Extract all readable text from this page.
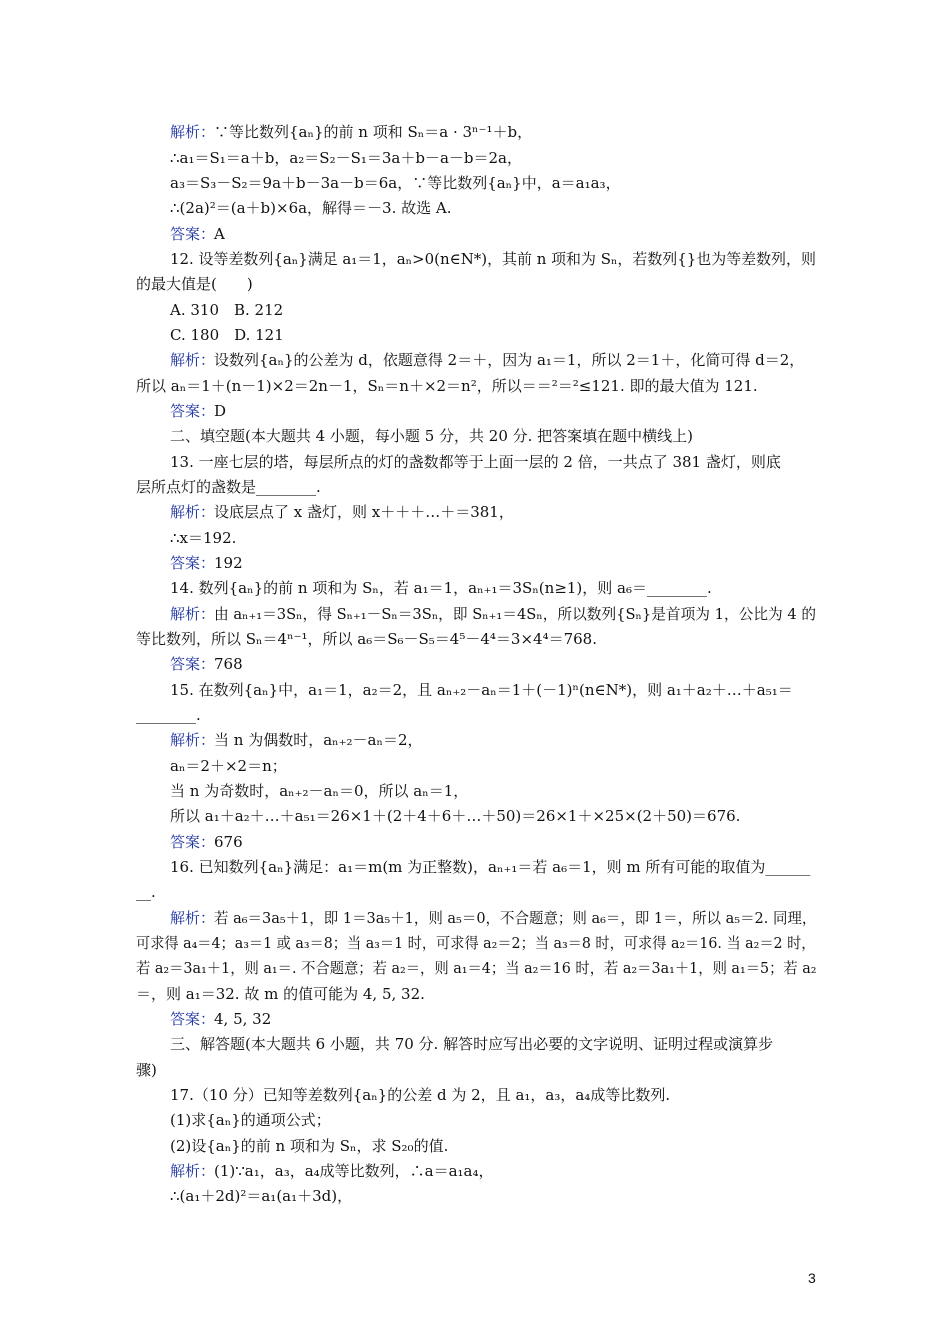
解析：
∵等比数列{aₙ}的前 n 项和 Sₙ＝a · 3ⁿ⁻¹＋b，
∴a₁＝S₁＝a＋b，a₂＝S₂－S₁＝3a＋b－a－b＝2a，
a₃＝S₃－S₂＝9a＋b－3a－b＝6a，∵等比数列{aₙ}中，a＝a₁a₃，
∴(2a)²＝(a＋b)×6a，解得＝－3. 故选 A.
答案：
A
12. 设等差数列{aₙ}满足 a₁＝1，aₙ>0(n∈N*)，其前 n 项和为 Sₙ，若数列{}也为等差数列，则
的最大值是(　　)
A. 310　B. 212
C. 180　D. 121
解析：
设数列{aₙ}的公差为 d，依题意得 2＝＋，因为 a₁＝1，所以 2＝1＋，化简可得 d＝2，
所以 aₙ＝1＋(n－1)×2＝2n－1，Sₙ＝n＋×2＝n²，所以＝＝²＝²≤121. 即的最大值为 121.
答案：
D
二、填空题(本大题共 4 小题，每小题 5 分，共 20 分. 把答案填在题中横线上)
13. 一座七层的塔，每层所点的灯的盏数都等于上面一层的 2 倍，一共点了 381 盏灯，则底
层所点灯的盏数是________.
解析：
设底层点了 x 盏灯，则 x＋＋＋…＋＝381，
∴x＝192.
答案：
192
14. 数列{aₙ}的前 n 项和为 Sₙ，若 a₁＝1，aₙ₊₁＝3Sₙ(n≥1)，则 a₆＝________.
解析：
由 aₙ₊₁＝3Sₙ，得 Sₙ₊₁－Sₙ＝3Sₙ，即 Sₙ₊₁＝4Sₙ，所以数列{Sₙ}是首项为 1，公比为 4 的
等比数列，所以 Sₙ＝4ⁿ⁻¹，所以 a₆＝S₆－S₅＝4⁵－4⁴＝3×4⁴＝768.
答案：
768
15. 在数列{aₙ}中，a₁＝1，a₂＝2，且 aₙ₊₂－aₙ＝1＋(－1)ⁿ(n∈N*)，则 a₁＋a₂＋…＋a₅₁＝
________.
解析：
当 n 为偶数时，aₙ₊₂－aₙ＝2，
aₙ＝2＋×2＝n；
当 n 为奇数时，aₙ₊₂－aₙ＝0，所以 aₙ＝1，
所以 a₁＋a₂＋…＋a₅₁＝26×1＋(2＋4＋6＋…＋50)＝26×1＋×25×(2＋50)＝676.
答案：
676
16. 已知数列{aₙ}满足：a₁＝m(m 为正整数)，aₙ₊₁＝若 a₆＝1，则 m 所有可能的取值为______
__.
解析：
若 a₆＝3a₅＋1，即 1＝3a₅＋1，则 a₅＝0，不合题意；则 a₆＝，即 1＝，所以 a₅＝2. 同理，
可求得 a₄＝4；a₃＝1 或 a₃＝8；当 a₃＝1 时，可求得 a₂＝2；当 a₃＝8 时，可求得 a₂＝16. 当 a₂＝2 时，
若 a₂＝3a₁＋1，则 a₁＝. 不合题意；若 a₂＝，则 a₁＝4；当 a₂＝16 时，若 a₂＝3a₁＋1，则 a₁＝5；若 a₂
＝，则 a₁＝32. 故 m 的值可能为 4, 5, 32.
答案：
4, 5, 32
三、解答题(本大题共 6 小题，共 70 分. 解答时应写出必要的文字说明、证明过程或演算步
骤)
17.（10 分）已知等差数列{aₙ}的公差 d 为 2，且 a₁，a₃，a₄成等比数列.
(1)求{aₙ}的通项公式；
(2)设{aₙ}的前 n 项和为 Sₙ，求 S₂₀的值.
解析：
(1)∵a₁，a₃，a₄成等比数列，∴a＝a₁a₄，
∴(a₁＋2d)²＝a₁(a₁＋3d)，
3
